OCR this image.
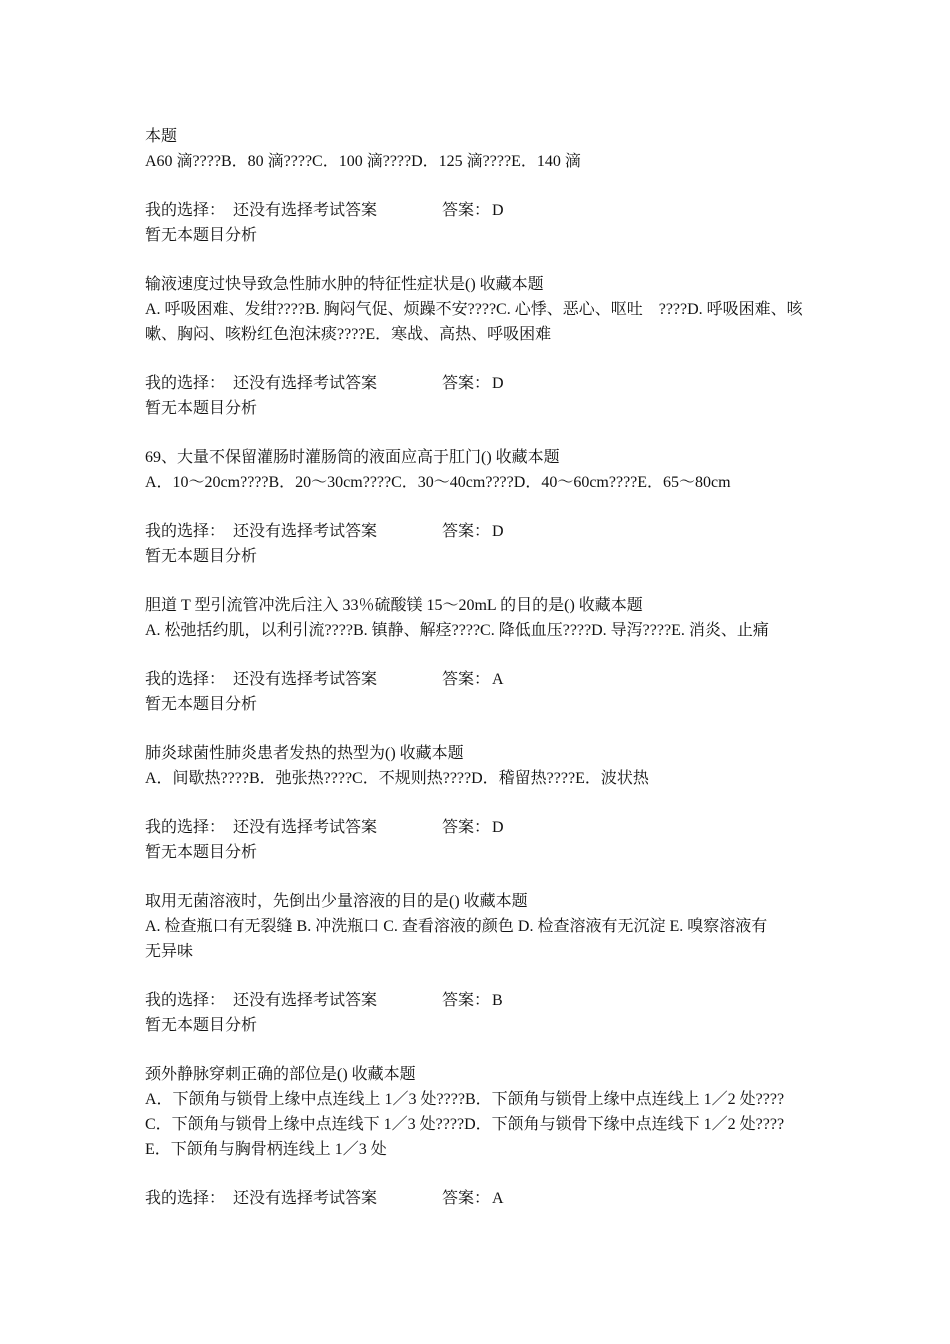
本题
A60 滴????B．80 滴????C．100 滴????D．125 滴????E．140 滴
我的选择： 还没有选择考试答案	答案： D
暂无本题目分析
输液速度过快导致急性肺水肿的特征性症状是() 收藏本题
A. 呼吸困难、发绀????B. 胸闷气促、烦躁不安????C. 心悸、恶心、呕吐    ????D. 呼吸困难、咳
嗽、胸闷、咳粉红色泡沫痰????E．寒战、高热、呼吸困难
我的选择： 还没有选择考试答案	答案： D
暂无本题目分析
69、大量不保留灌肠时灌肠筒的液面应高于肛门() 收藏本题
A．10～20cm????B．20～30cm????C．30～40cm????D．40～60cm????E．65～80cm
我的选择： 还没有选择考试答案	答案： D
暂无本题目分析
胆道 T 型引流管冲洗后注入 33％硫酸镁 15～20mL 的目的是() 收藏本题
A. 松弛括约肌，以利引流????B. 镇静、解痉????C. 降低血压????D. 导泻????E. 消炎、止痛
我的选择： 还没有选择考试答案	答案： A
暂无本题目分析
肺炎球菌性肺炎患者发热的热型为() 收藏本题
A．间歇热????B．弛张热????C．不规则热????D．稽留热????E．波状热
我的选择： 还没有选择考试答案	答案： D
暂无本题目分析
取用无菌溶液时，先倒出少量溶液的目的是() 收藏本题
A. 检查瓶口有无裂缝 B. 冲洗瓶口 C. 查看溶液的颜色 D. 检查溶液有无沉淀 E. 嗅察溶液有
无异味
我的选择： 还没有选择考试答案	答案： B
暂无本题目分析
颈外静脉穿刺正确的部位是() 收藏本题
A．下颌角与锁骨上缘中点连线上 1／3 处????B．下颌角与锁骨上缘中点连线上 1／2 处????
C．下颌角与锁骨上缘中点连线下 1／3 处????D．下颌角与锁骨下缘中点连线下 1／2 处????
E．下颌角与胸骨柄连线上 1／3 处
我的选择： 还没有选择考试答案	答案： A
